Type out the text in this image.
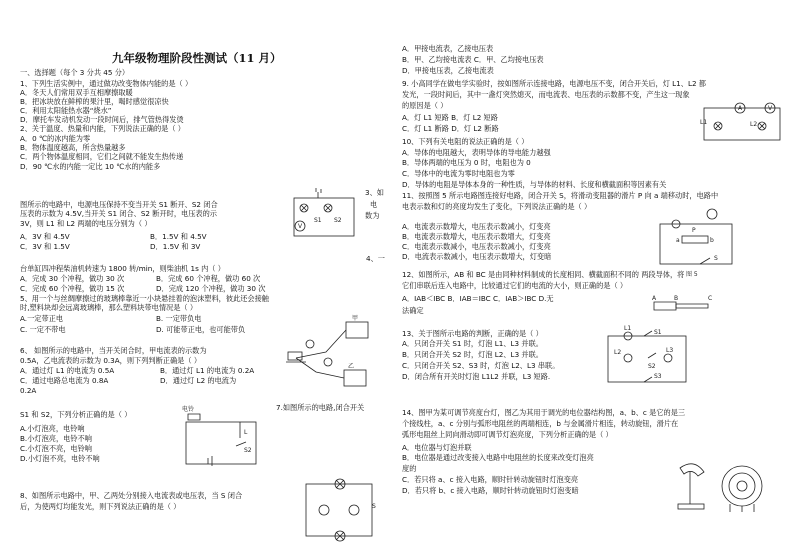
九年级物理阶段性测试（11 月）
一、选择题（每个 3 分共 45 分）
1、下列生活实例中，通过做功改变物体内能的是（ ）
A．冬天人们常用双手互相摩擦取暖
B．把冰块放在鲜榨的果汁里，喝时感觉很凉快
C．利用太阳能热水器“烧水”
D．摩托车发动机发动一段时间后，排气管热得发烫
2、关于温度、热量和内能，下列说法正确的是（ ）
A．0 ℃的冰内能为零
B．物体温度越高，所含热量越多
C．两个物体温度相同，它们之间就不能发生热传递
D．90 ℃水的内能一定比 10 ℃水的内能多
图所示的电路中，电源电压保持不变当开关 S1 断开、S2 闭合
压表的示数为 4.5V,当开关 S1 闭合、S2 断开时，电压表的示
3V，则 L1 和 L2 两端的电压分别为（ ）
A．3V 和 4.5V
C．3V 和 1.5V
台单缸四冲程柴油机转速为 1800 转/min，则柴油机 1s 内（ ）
A．完成 30 个冲程，做功 30 次
C．完成 60 个冲程，做功 15 次
5、用一个与丝绸摩擦过的玻璃棒靠近一小块悬挂着的泡沫塑料，彼此还会接触
时,塑料块却会远离玻璃棒，那么塑料块带电情况是（ ）
A.一定带正电
C. 一定不带电
6、 如图所示的电路中，当开关闭合时，甲电流表的示数为
0.5A，乙电流表的示数为 0.3A，则下列判断正确是（ ）
A．通过灯 L1 的电流为 0.5A
C．通过电路总电流为 0.8A
0.2A
S1 和 S2，下列分析正确的是（ ）
A.小灯泡亮，电铃响
B.小灯泡亮，电铃不响
C.小灯泡不亮，电铃响
D.小灯泡不亮，电铃不响
8、如图所示电路中，甲、乙两处分别接入电流表或电压表，当 S 闭合
后，为使两灯均能发光，则下列说法正确的是（ ）
B．1.5V 和 4.5V
D．1.5V 和 3V
B．完成 60 个冲程，做功 60 次
D．完成 120 个冲程，做功 30 次
B. 一定带负电
D. 可能带正电，也可能带负
B．通过灯 L1 的电流为 0.2A
D．通过灯 L2 的电流为
7.如图所示的电路,闭合开关
3、如
电
数为
4、一
A．甲接电流表，乙接电压表
B．甲、乙均接电流表 C．甲、乙均接电压表
D．甲接电压表，乙接电流表
9. 小高同学在做电学实验时，按如图所示连接电路，电源电压不变，闭合开关后，灯 L1、L2 都
发光，一段时间后，其中一盏灯突然熄灭，而电流表、电压表的示数都不变，产生这一现象
的原因是（ ）
A．灯 L1 短路 B．灯 L2 短路
C．灯 L1 断路 D．灯 L2 断路
10、下列有关电阻的说法正确的是（ ）
A．导体的电阻越大，表明导体的导电能力越强
B．导体两端的电压为 0 时，电阻也为 0
C．导体中的电流为零时电阻也为零
D．导体的电阻是导体本身的一种性质，与导体的材料、长度和横截面积等因素有关
11、按照图 5 所示电路图连接好电路，闭合开关 S，将滑动变阻器的滑片 P 向 a 端移动时，电路中
电表示数和灯的亮度均发生了变化，下列说法正确的是（ ）
A．电流表示数增大，电压表示数减小，灯变亮
B．电流表示数增大，电压表示数增大，灯变亮
C．电流表示数减小，电压表示数减小，灯变亮
D．电流表示数减小，电压表示数增大，灯变暗
12、如图所示，AB 和 BC 是由同种材料制成的长度相同、横截面积不同的 两段导体，将
它们串联后连入电路中，比较通过它们的电流的大小，则正确的是（ ）
A．IAB＜IBC B．IAB＝IBC C．IAB＞IBC D.无
法确定
13、关于图所示电路的判断，正确的是（ ）
A．只闭合开关 S1 时，灯泡 L1、L3 并联。
B．只闭合开关 S2 时，灯泡 L2、L3 并联。
C．只闭合开关 S2、S3 时，灯泡 L2、L3 串联。
D．闭合所有开关时灯泡 L1L2 并联，L3 短路.
14、图甲为某可调节亮度台灯，图乙为其用于调光的电位器结构图，a、b、c 是它的是三
个接线柱，a、c 分别与弧形电阻丝的两端相连，b 与金属滑片相连，转动旋钮，滑片在
弧形电阻丝上同向滑动即可调节灯泡亮度，下列分析正确的是（ ）
A．电位器与灯泡并联
B．电位器是通过改变接入电路中电阻丝的长度来改变灯泡亮
度的
C．若只将 a、c 接入电路，顺时针转动旋钮时灯泡变亮
D．若只将 b、c 接入电路，顺时针转动旋钮时灯泡变暗
V
S1 S2
甲
乙
电铃
L
S2
S
A	V
L1	L2
P
a	b
S
图 5
A	B	C
L1
L2	L3
S1
S2
S3
